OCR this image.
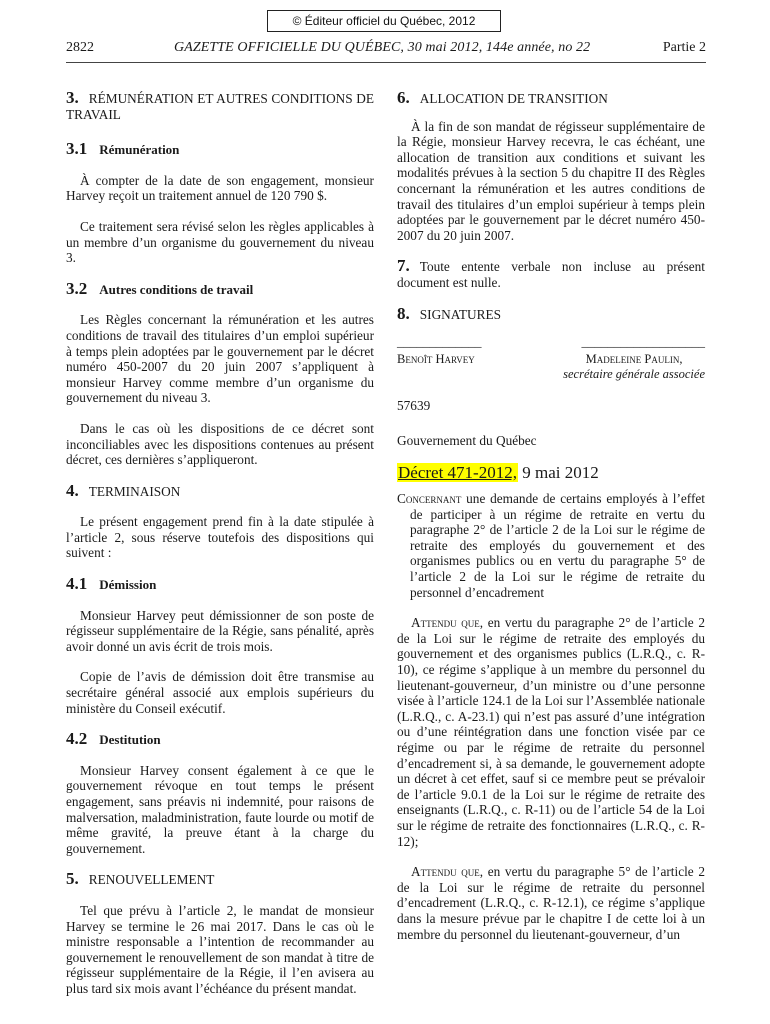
© Éditeur officiel du Québec, 2012
2822	GAZETTE OFFICIELLE DU QUÉBEC, 30 mai 2012, 144e année, no 22	Partie 2

3. RÉMUNÉRATION ET AUTRES CONDITIONS DE TRAVAIL

3.1 Rémunération

À compter de la date de son engagement, monsieur Harvey reçoit un traitement annuel de 120 790 $.

Ce traitement sera révisé selon les règles applicables à un membre d’un organisme du gouvernement du niveau 3.

3.2 Autres conditions de travail

Les Règles concernant la rémunération et les autres conditions de travail des titulaires d’un emploi supérieur à temps plein adoptées par le gouvernement par le décret numéro 450-2007 du 20 juin 2007 s’appliquent à monsieur Harvey comme membre d’un organisme du gouvernement du niveau 3.

Dans le cas où les dispositions de ce décret sont inconciliables avec les dispositions contenues au présent décret, ces dernières s’appliqueront.

4. TERMINAISON

Le présent engagement prend fin à la date stipulée à l’article 2, sous réserve toutefois des dispositions qui suivent :

4.1 Démission

Monsieur Harvey peut démissionner de son poste de régisseur supplémentaire de la Régie, sans pénalité, après avoir donné un avis écrit de trois mois.

Copie de l’avis de démission doit être transmise au secrétaire général associé aux emplois supérieurs du ministère du Conseil exécutif.

4.2 Destitution

Monsieur Harvey consent également à ce que le gouvernement révoque en tout temps le présent engagement, sans préavis ni indemnité, pour raisons de malversation, maladministration, faute lourde ou motif de même gravité, la preuve étant à la charge du gouvernement.

5. RENOUVELLEMENT

Tel que prévu à l’article 2, le mandat de monsieur Harvey se termine le 26 mai 2017. Dans le cas où le ministre responsable a l’intention de recommander au gouvernement le renouvellement de son mandat à titre de régisseur supplémentaire de la Régie, il l’en avisera au plus tard six mois avant l’échéance du présent mandat.

6. ALLOCATION DE TRANSITION

À la fin de son mandat de régisseur supplémentaire de la Régie, monsieur Harvey recevra, le cas échéant, une allocation de transition aux conditions et suivant les modalités prévues à la section 5 du chapitre II des Règles concernant la rémunération et les autres conditions de travail des titulaires d’un emploi supérieur à temps plein adoptées par le gouvernement par le décret numéro 450-2007 du 20 juin 2007.

7. Toute entente verbale non incluse au présent document est nulle.

8. SIGNATURES

_____________	___________________
Benoît Harvey	Madeleine Paulin,
secrétaire générale associée

57639

Gouvernement du Québec

Décret 471-2012, 9 mai 2012

Concernant une demande de certains employés à l’effet de participer à un régime de retraite en vertu du paragraphe 2° de l’article 2 de la Loi sur le régime de retraite des employés du gouvernement et des organismes publics ou en vertu du paragraphe 5° de l’article 2 de la Loi sur le régime de retraite du personnel d’encadrement

Attendu que, en vertu du paragraphe 2° de l’article 2 de la Loi sur le régime de retraite des employés du gouvernement et des organismes publics (L.R.Q., c. R-10), ce régime s’applique à un membre du personnel du lieutenant-gouverneur, d’un ministre ou d’une personne visée à l’article 124.1 de la Loi sur l’Assemblée nationale (L.R.Q., c. A-23.1) qui n’est pas assuré d’une intégration ou d’une réintégration dans une fonction visée par ce régime ou par le régime de retraite du personnel d’encadrement si, à sa demande, le gouvernement adopte un décret à cet effet, sauf si ce membre peut se prévaloir de l’article 9.0.1 de la Loi sur le régime de retraite des enseignants (L.R.Q., c. R-11) ou de l’article 54 de la Loi sur le régime de retraite des fonctionnaires (L.R.Q., c. R-12);

Attendu que, en vertu du paragraphe 5° de l’article 2 de la Loi sur le régime de retraite du personnel d’encadrement (L.R.Q., c. R-12.1), ce régime s’applique dans la mesure prévue par le chapitre I de cette loi à un membre du personnel du lieutenant-gouverneur, d’un
